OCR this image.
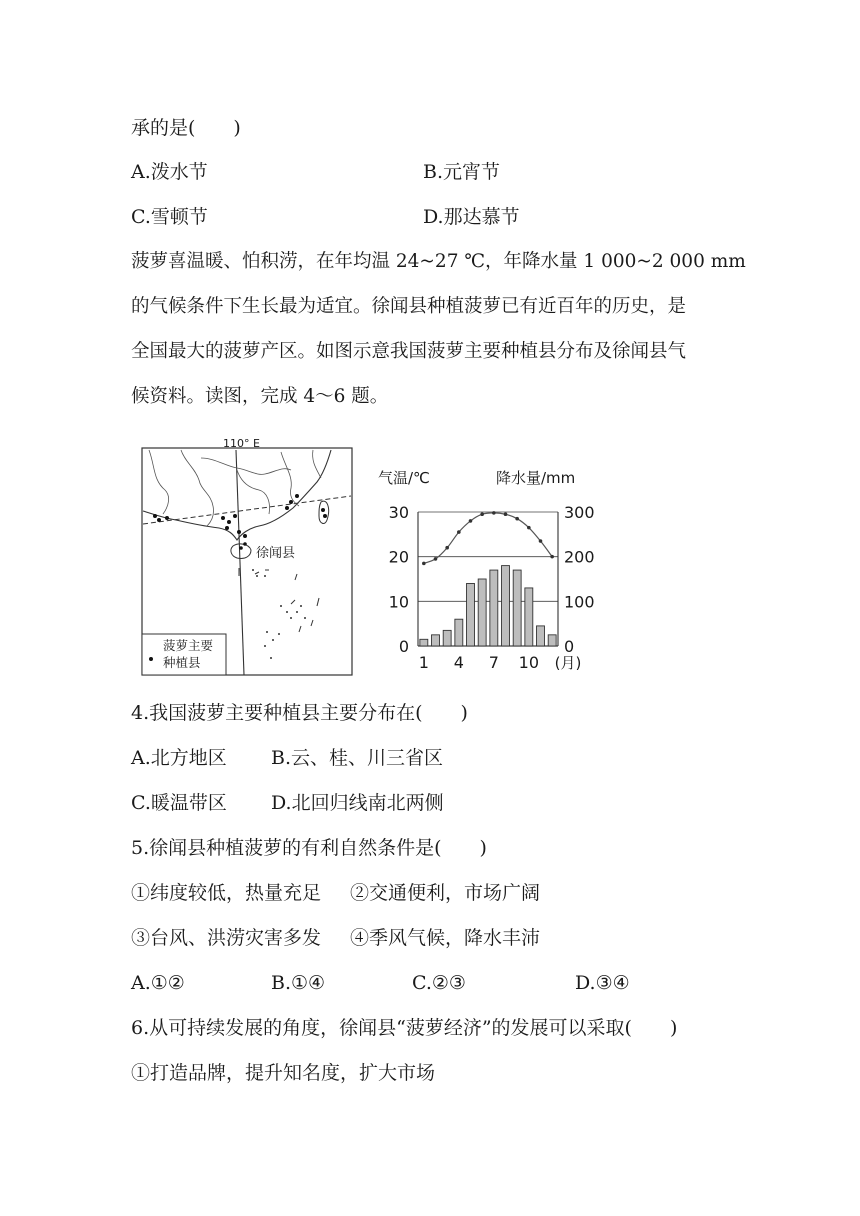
承的是(　　)
A.泼水节	B.元宵节
C.雪顿节	D.那达慕节
菠萝喜温暖、怕积涝，在年均温 24~27 ℃，年降水量 1 000~2 000 mm
的气候条件下生长最为适宜。徐闻县种植菠萝已有近百年的历史，是
全国最大的菠萝产区。如图示意我国菠萝主要种植县分布及徐闻县气
候资料。读图，完成 4～6 题。
110° E
徐闻县
菠萝主要
种植县
气温/℃	降水量/mm
0
10
20
30
0
100
200
300
1 4 7 10 (月)
4.我国菠萝主要种植县主要分布在(　　)
A.北方地区 B.云、桂、川三省区
C.暖温带区 D.北回归线南北两侧
5.徐闻县种植菠萝的有利自然条件是(　　)
①纬度较低，热量充足 ②交通便利，市场广阔
③台风、洪涝灾害多发 ④季风气候，降水丰沛
A.①②	B.①④	C.②③	D.③④
6.从可持续发展的角度，徐闻县“菠萝经济”的发展可以采取(　　)
①打造品牌，提升知名度，扩大市场
